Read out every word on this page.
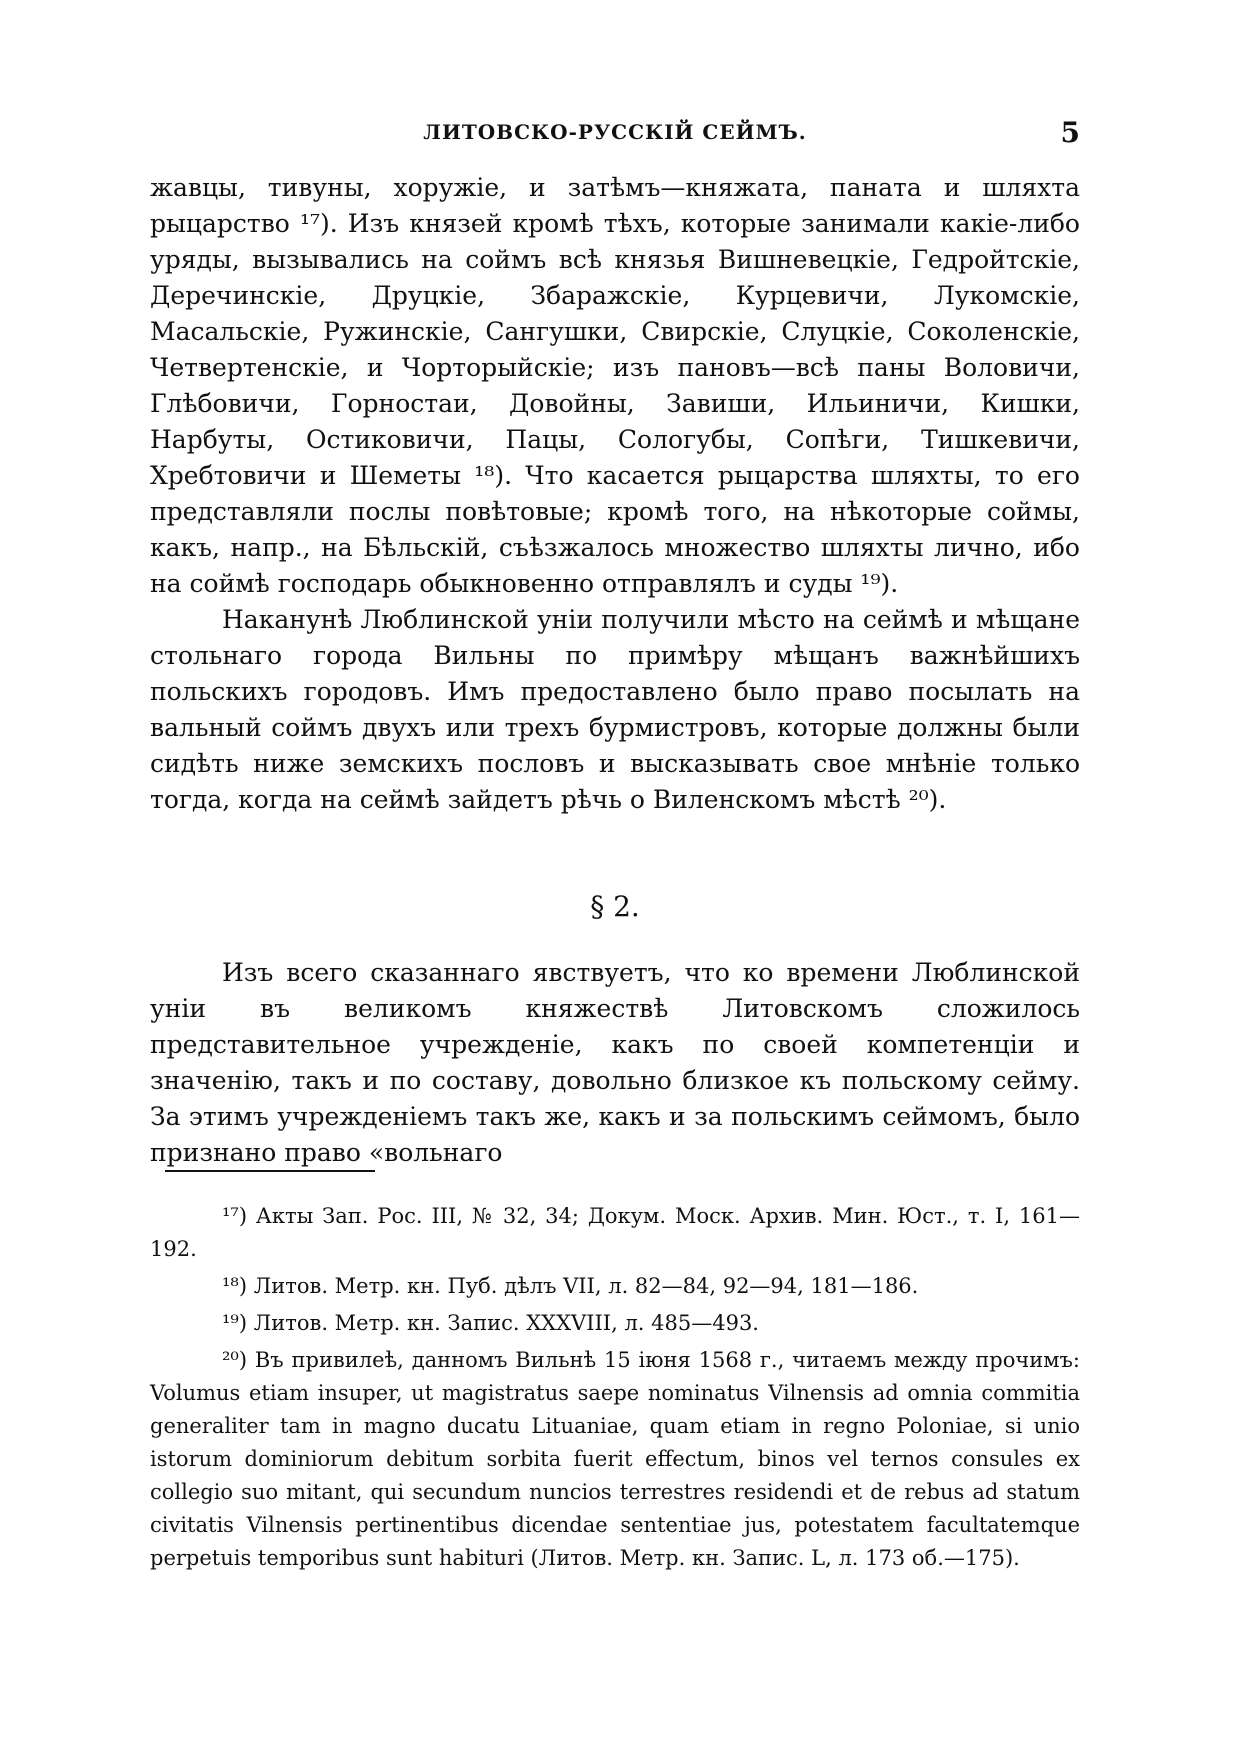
ЛИТОВСКО-РУССКІЙ СЕЙМЪ.	5

жавцы, тивуны, хоружіе, и затѣмъ—княжата, паната и шляхта рыцарство ¹⁷). Изъ князей кромѣ тѣхъ, которые занимали какіе-либо уряды, вызывались на соймъ всѣ князья Вишневецкіе, Гедройтскіе, Деречинскіе, Друцкіе, Збаражскіе, Курцевичи, Лукомскіе, Масальскіе, Ружинскіе, Сангушки, Свирскіе, Слуцкіе, Соколенскіе, Четвертенскіе, и Чорторыйскіе; изъ пановъ—всѣ паны Воловичи, Глѣбовичи, Горностаи, Довойны, Завиши, Ильиничи, Кишки, Нарбуты, Остиковичи, Пацы, Сологубы, Сопѣги, Тишкевичи, Хребтовичи и Шеметы ¹⁸). Что касается рыцарства шляхты, то его представляли послы повѣтовые; кромѣ того, на нѣкоторые соймы, какъ, напр., на Бѣльскій, съѣзжалось множество шляхты лично, ибо на соймѣ господарь обыкновенно отправлялъ и суды ¹⁹).

Наканунѣ Люблинской уніи получили мѣсто на сеймѣ и мѣщане стольнаго города Вильны по примѣру мѣщанъ важнѣйшихъ польскихъ городовъ. Имъ предоставлено было право посылать на вальный соймъ двухъ или трехъ бурмистровъ, которые должны были сидѣть ниже земскихъ пословъ и высказывать свое мнѣніе только тогда, когда на сеймѣ зайдетъ рѣчь о Виленскомъ мѣстѣ ²⁰).

§ 2.

Изъ всего сказаннаго явствуетъ, что ко времени Люблинской уніи въ великомъ княжествѣ Литовскомъ сложилось представительное учрежденіе, какъ по своей компетенціи и значенію, такъ и по составу, довольно близкое къ польскому сейму. За этимъ учрежденіемъ такъ же, какъ и за польскимъ сеймомъ, было признано право «вольнаго

¹⁷) Акты Зап. Рос. III, № 32, 34; Докум. Моск. Архив. Мин. Юст., т. I, 161—192.

¹⁸) Литов. Метр. кн. Пуб. дѣлъ VII, л. 82—84, 92—94, 181—186.

¹⁹) Литов. Метр. кн. Запис. XXXVIII, л. 485—493.

²⁰) Въ привилеѣ, данномъ Вильнѣ 15 іюня 1568 г., читаемъ между прочимъ: Volumus etiam insuper, ut magistratus saepe nominatus Vilnensis ad omnia commitia generaliter tam in magno ducatu Lituaniae, quam etiam in regno Poloniae, si unio istorum dominiorum debitum sorbita fuerit effectum, binos vel ternos consules ex collegio suo mitant, qui secundum nuncios terrestres residendi et de rebus ad statum civitatis Vilnensis pertinentibus dicendae sententiae jus, potestatem facultatemque perpetuis temporibus sunt habituri (Литов. Метр. кн. Запис. L, л. 173 об.—175).
